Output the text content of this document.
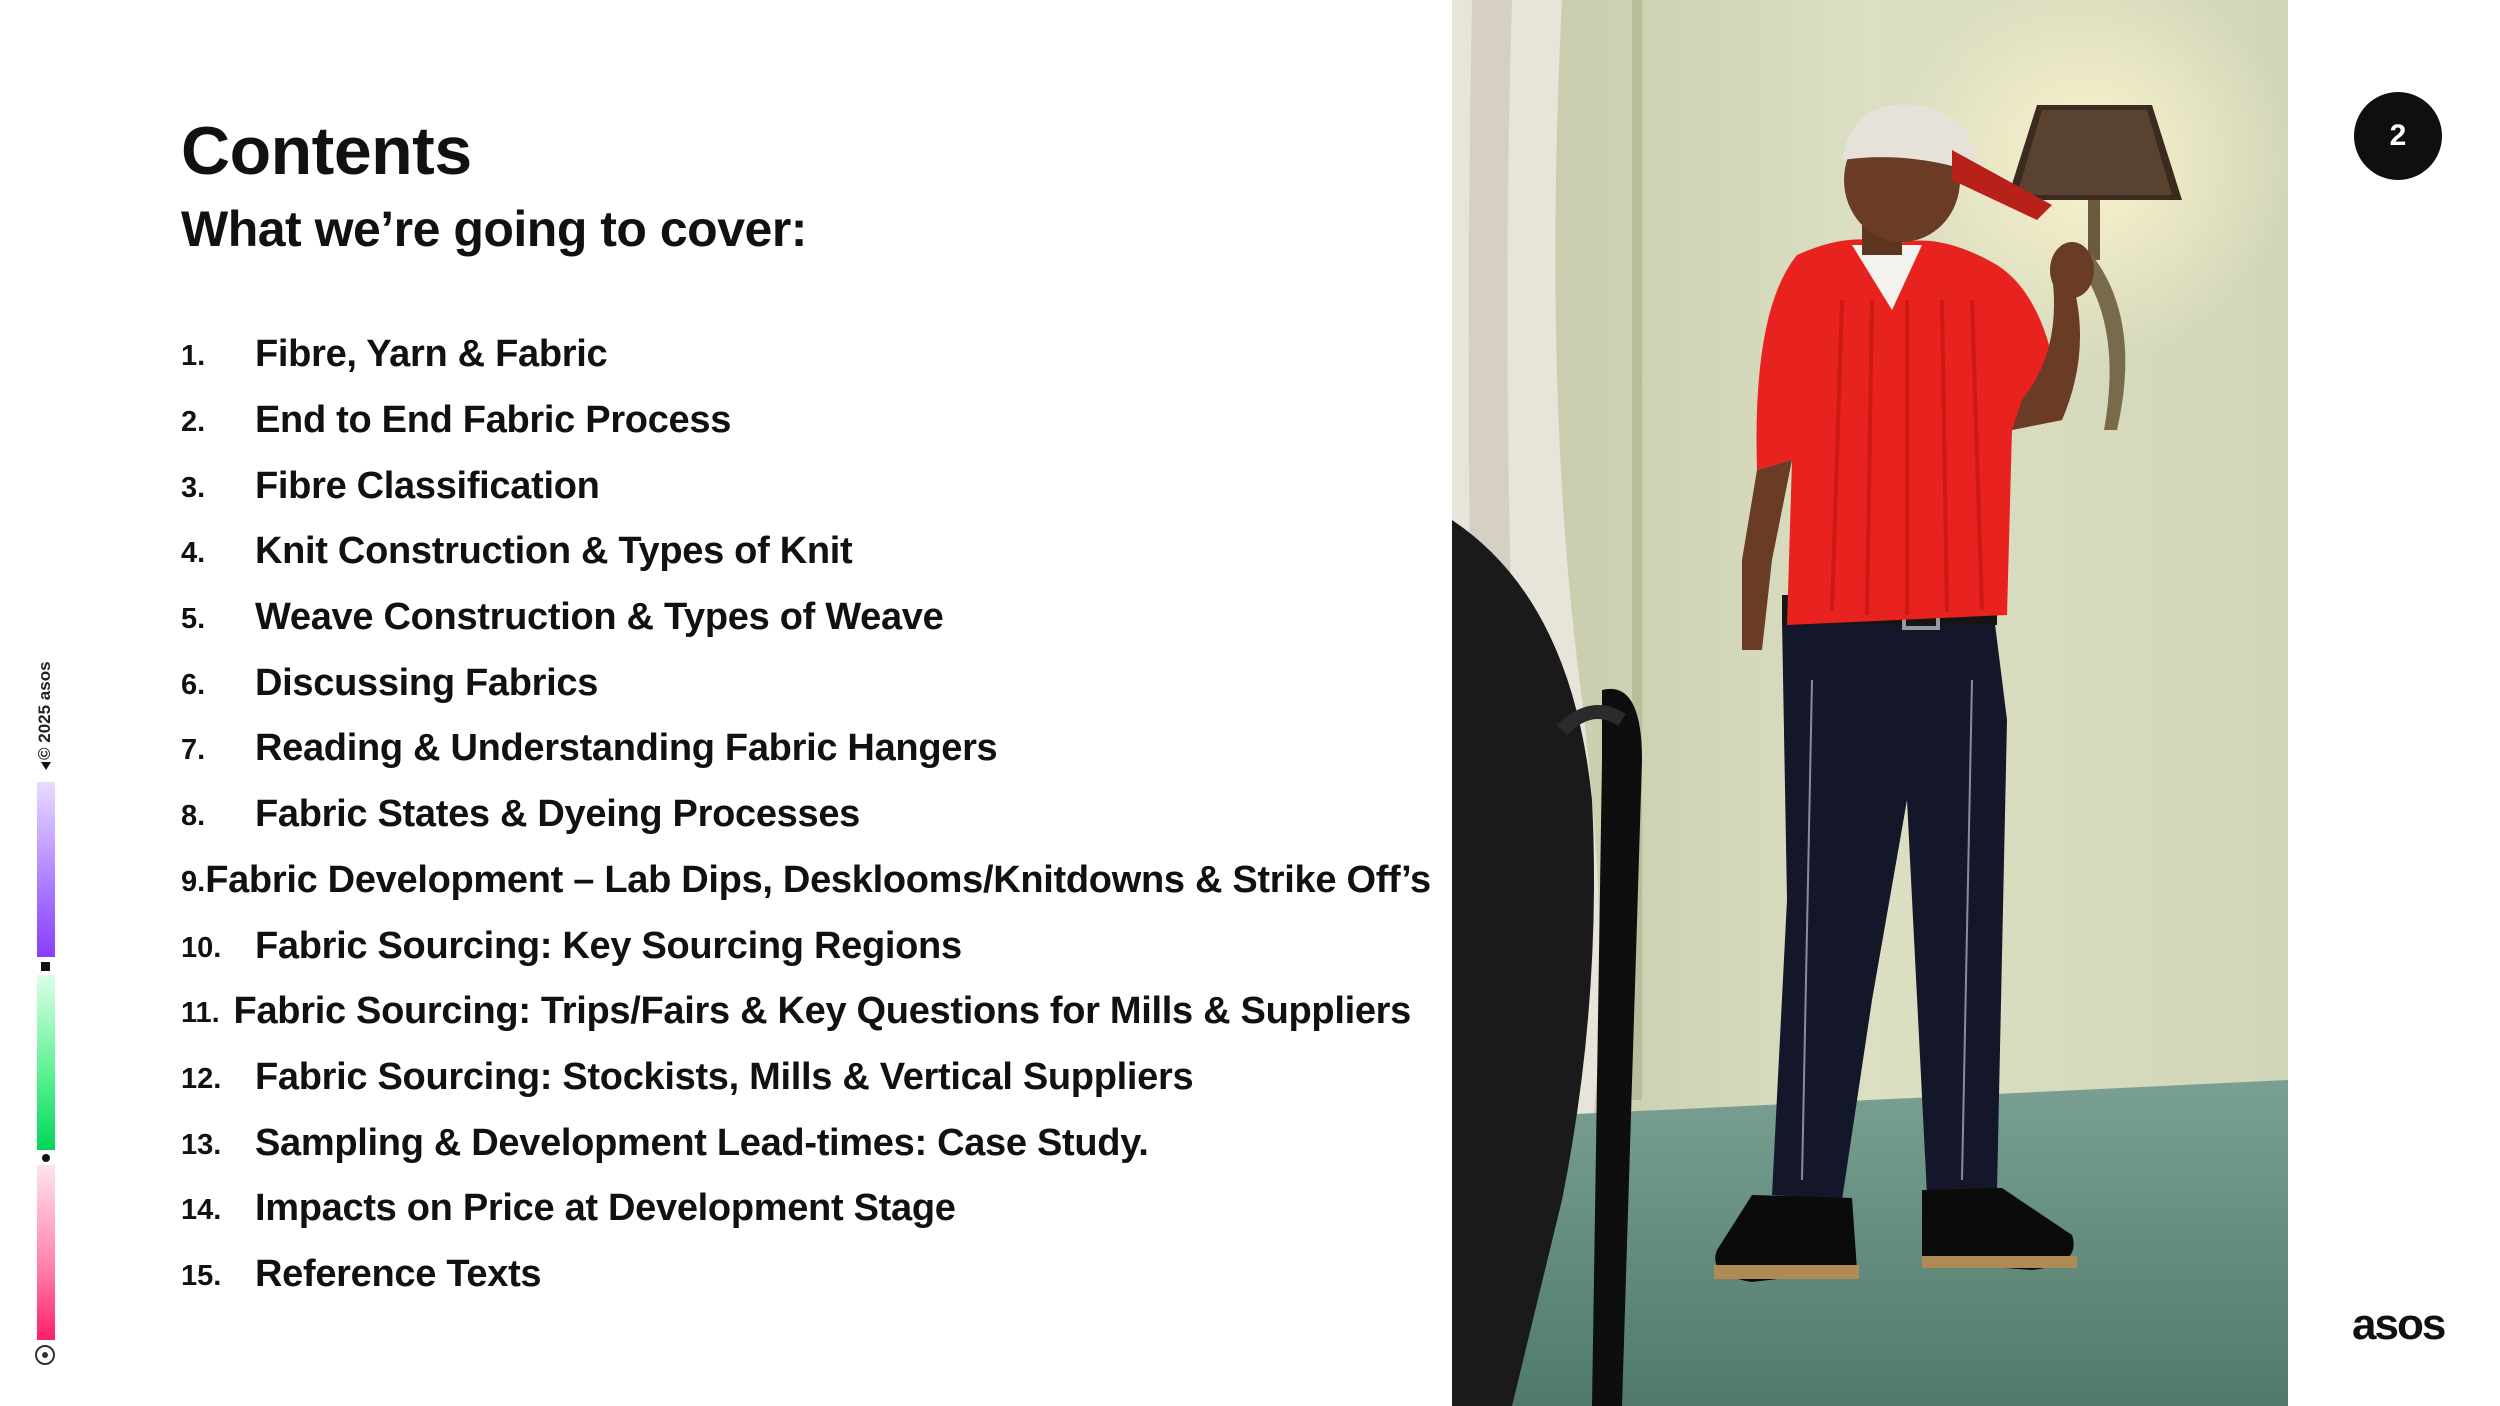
Contents
What we’re going to cover:
1.	Fibre, Yarn & Fabric
2.	End to End Fabric Process
3.	Fibre Classification
4.	Knit Construction & Types of Knit
5.	Weave Construction & Types of Weave
6.	Discussing Fabrics
7.	Reading & Understanding Fabric Hangers
8.	Fabric States & Dyeing Processes
9. Fabric Development – Lab Dips, Desklooms/Knitdowns & Strike Off’s
10. Fabric Sourcing: Key Sourcing Regions
11. Fabric Sourcing: Trips/Fairs & Key Questions for Mills & Suppliers
12. Fabric Sourcing: Stockists, Mills & Vertical Suppliers
13. Sampling & Development Lead-times: Case Study.
14. Impacts on Price at Development Stage
15. Reference Texts
2
asos
© 2025 asos
